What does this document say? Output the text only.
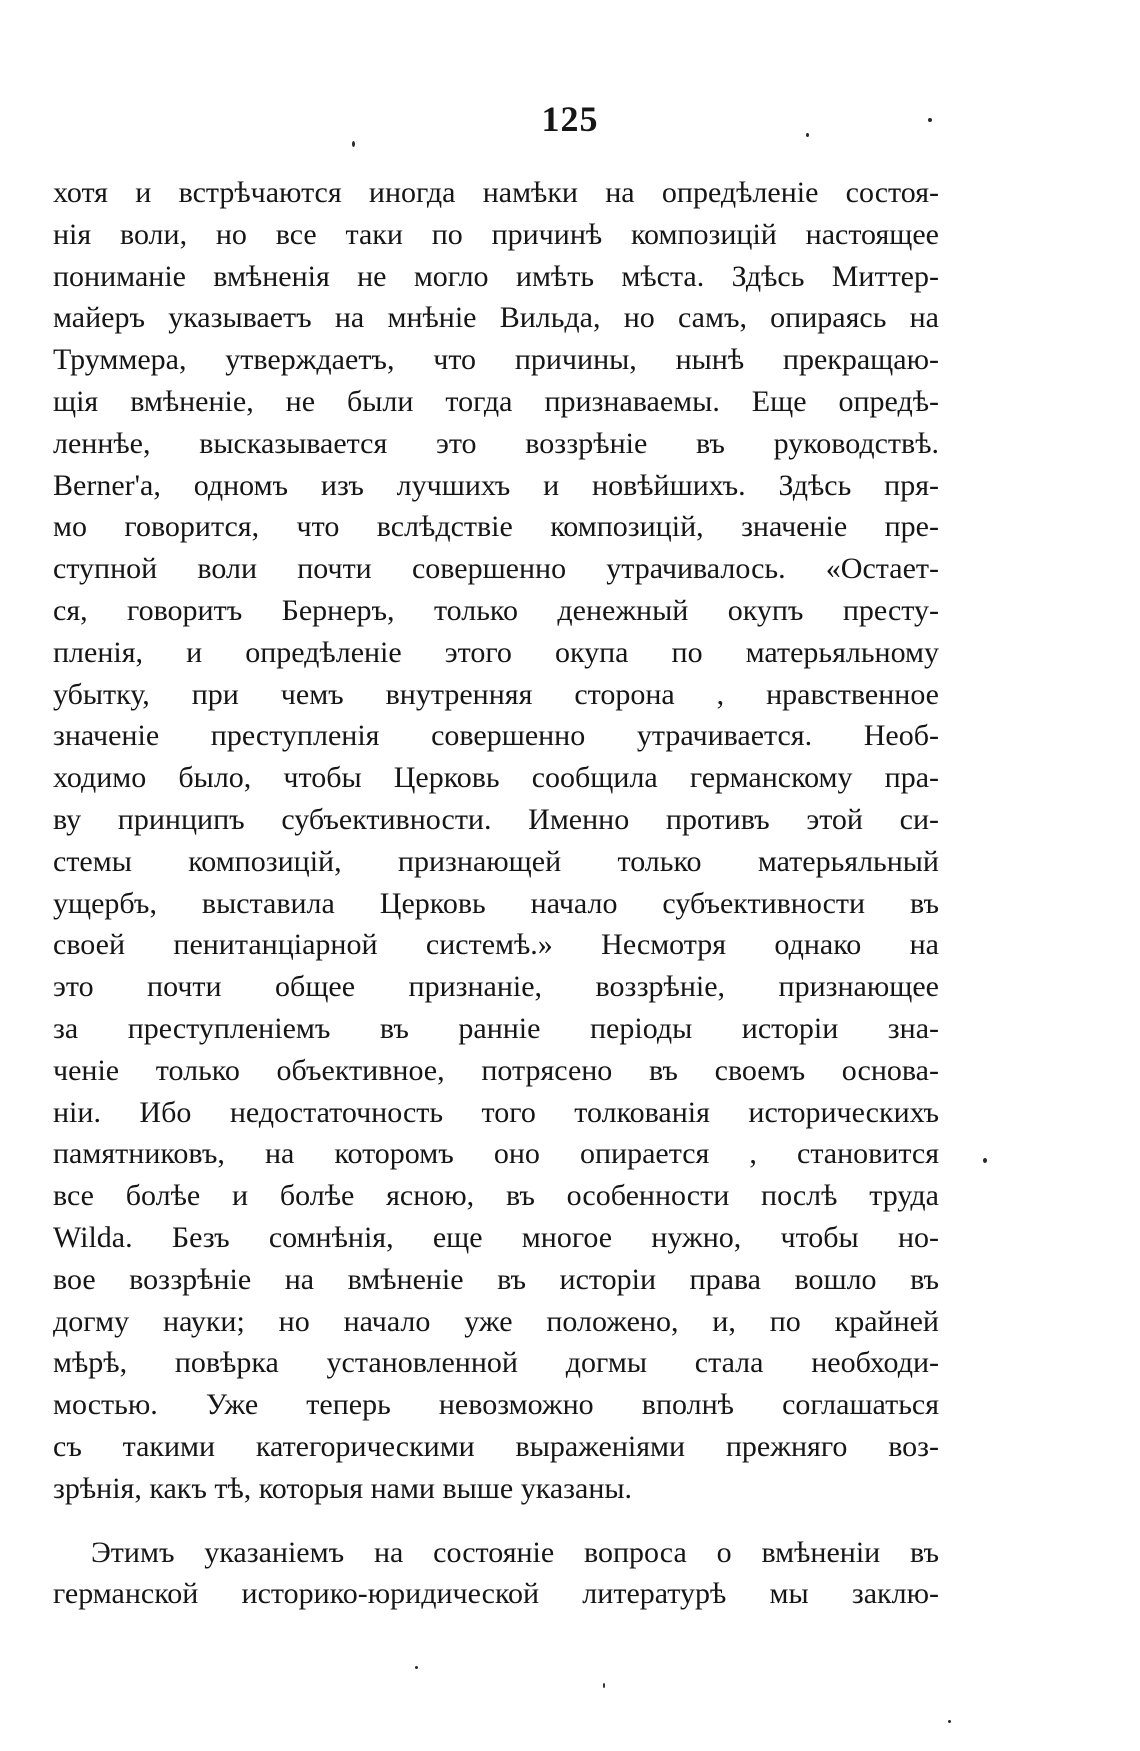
125
хотя и встрѣчаются иногда намѣки на опредѣленіе состоя-
нія воли, но все таки по причинѣ композицій настоящее
пониманіе вмѣненія не могло имѣть мѣста. Здѣсь Миттер-
майеръ указываетъ на мнѣніе Вильда, но самъ, опираясь на
Труммера, утверждаетъ, что причины, нынѣ прекращаю-
щія вмѣненіе, не были тогда признаваемы. Еще опредѣ-
леннѣе, высказывается это воззрѣніе въ руководствѣ.
Berner'а, одномъ изъ лучшихъ и новѣйшихъ. Здѣсь пря-
мо говорится, что вслѣдствіе композицій, значеніе пре-
ступной воли почти совершенно утрачивалось. «Остает-
ся, говоритъ Бернеръ, только денежный окупъ престу-
пленія, и опредѣленіе этого окупа по матерьяльному
убытку, при чемъ внутренняя сторона , нравственное
значеніе преступленія совершенно утрачивается. Необ-
ходимо было, чтобы Церковь сообщила германскому пра-
ву принципъ субъективности. Именно противъ этой си-
стемы композицій, признающей только матерьяльный
ущербъ, выставила Церковь начало субъективности въ
своей пенитанціарной системѣ.» Несмотря однако на
это почти общее признаніе, воззрѣніе, признающее
за преступленіемъ въ ранніе періоды исторіи зна-
ченіе только объективное, потрясено въ своемъ основа-
ніи. Ибо недостаточность того толкованія историческихъ
памятниковъ, на которомъ оно опирается , становится
все болѣе и болѣе ясною, въ особенности послѣ труда
Wilda. Безъ сомнѣнія, еще многое нужно, чтобы но-
вое воззрѣніе на вмѣненіе въ исторіи права вошло въ
догму науки; но начало уже положено, и, по крайней
мѣрѣ, повѣрка установленной догмы стала необходи-
мостью. Уже теперь невозможно вполнѣ соглашаться
съ такими категорическими выраженіями прежняго воз-
зрѣнія, какъ тѣ, которыя нами выше указаны.
Этимъ указаніемъ на состояніе вопроса о вмѣненіи въ
германской историко-юридической литературѣ мы заклю-
